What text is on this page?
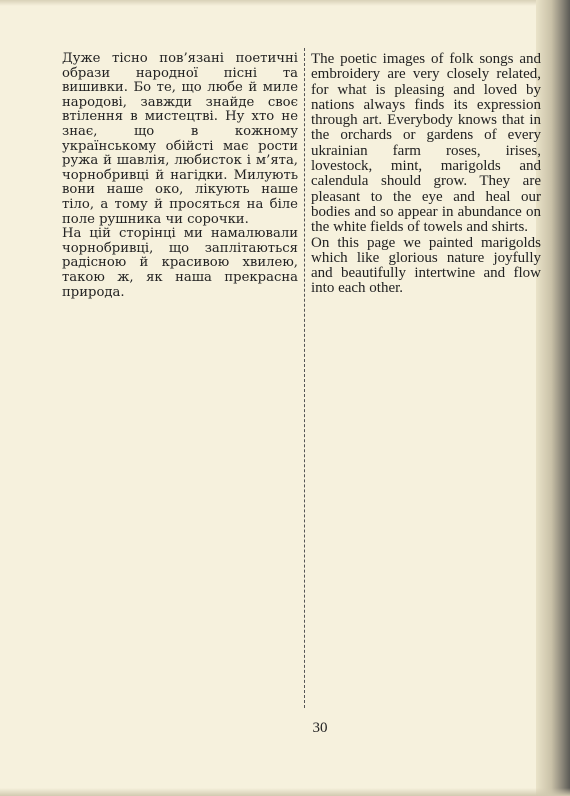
Дуже тісно пов’язані поетичні образи народної пісні та вишивки. Бо те, що любе й миле народові, завжди знайде своє втілення в мистецтві. Ну хто не знає, що в кожному українському обійсті має рости ружа й шавлія, любисток і м’ята, чорнобривці й нагідки. Милують вони наше око, лікують наше тіло, а тому й просяться на біле поле рушника чи сорочки.

На цій сторінці ми намалювали чорнобривці, що заплітаються радісною й красивою хвилею, такою ж, як наша прекрасна природа.

The poetic images of folk songs and embroidery are very closely related, for what is pleasing and loved by nations always finds its expression through art. Everybody knows that in the orchards or gardens of every ukrainian farm roses, irises, lovestock, mint, marigolds and calendula should grow. They are pleasant to the eye and heal our bodies and so appear in abundance on the white fields of towels and shirts.

On this page we painted marigolds which like glorious nature joyfully and beautifully intertwine and flow into each other.

30
